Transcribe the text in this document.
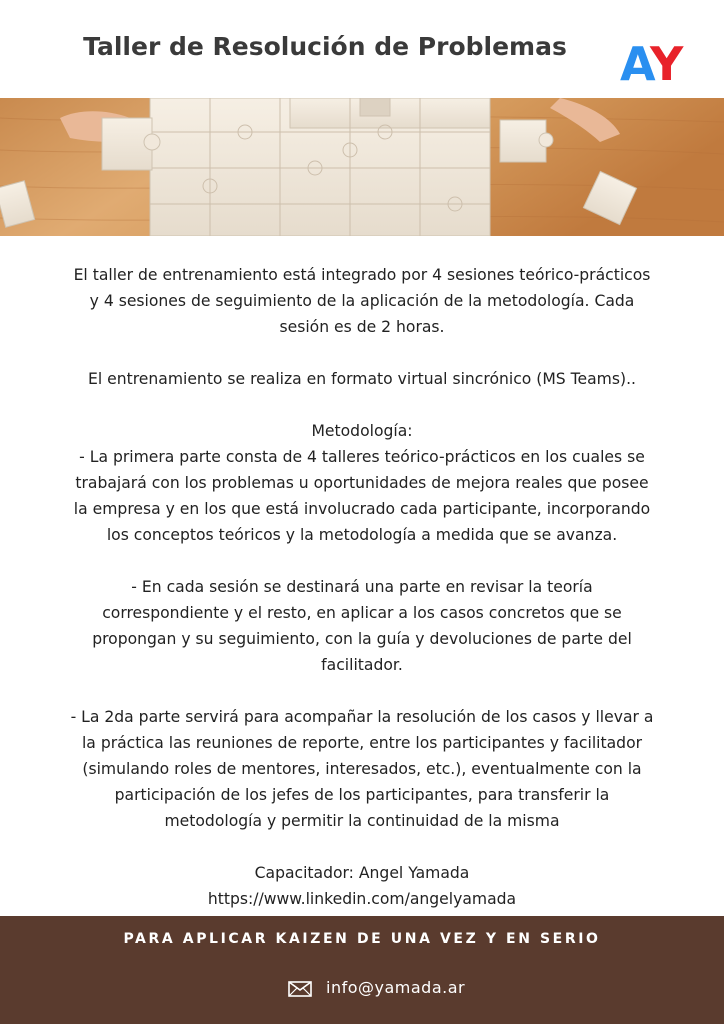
Taller de Resolución de Problemas	A
Y

El taller de entrenamiento está integrado por 4 sesiones teórico-prácticos

y 4 sesiones de seguimiento de la aplicación de la metodología. Cada

sesión es de 2 horas.

El entrenamiento se realiza en formato virtual sincrónico (MS Teams)..

Metodología:

- La primera parte consta de 4 talleres teórico-prácticos en los cuales se

trabajará con los problemas u oportunidades de mejora reales que posee

la empresa y en los que está involucrado cada participante, incorporando

los conceptos teóricos y la metodología a medida que se avanza.

- En cada sesión se destinará una parte en revisar la teoría

correspondiente y el resto, en aplicar a los casos concretos que se

propongan y su seguimiento, con la guía y devoluciones de parte del

facilitador.

- La 2da parte servirá para acompañar la resolución de los casos y llevar a

la práctica las reuniones de reporte, entre los participantes y facilitador

(simulando roles de mentores, interesados, etc.), eventualmente con la

participación de los jefes de los participantes, para transferir la

metodología y permitir la continuidad de la misma

Capacitador: Angel Yamada

https://www.linkedin.com/angelyamada

PARA APLICAR KAIZEN DE UNA VEZ Y EN SERIO
info@yamada.ar
